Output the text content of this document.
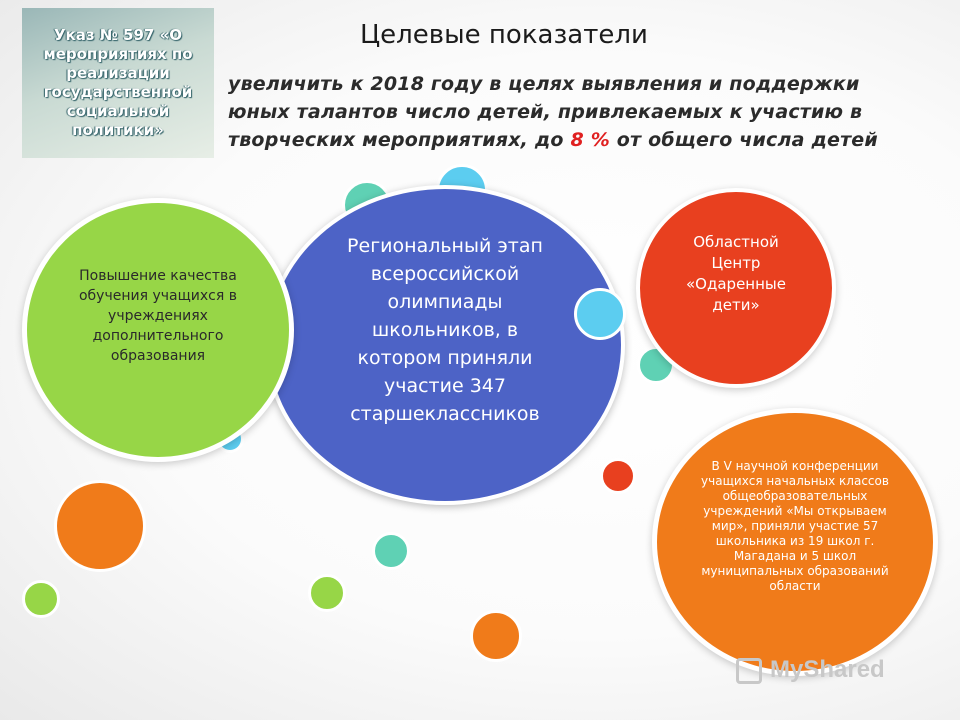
Указ № 597 «О мероприятиях по реализации государственной социальной политики»
Целевые показатели
увеличить к 2018 году в целях выявления и поддержки юных талантов число детей, привлекаемых к участию в творческих мероприятиях, до 8 % от общего числа детей
Региональный этап всероссийской олимпиады школьников, в котором приняли участие 347 старшеклассников
Повышение качества обучения учащихся в учреждениях дополнительного образования
Областной Центр «Одаренные дети»
В V научной конференции учащихся начальных классов общеобразовательных учреждений «Мы открываем мир», приняли участие 57 школьника из 19 школ г. Магадана и 5 школ муниципальных образований области
MyShared
